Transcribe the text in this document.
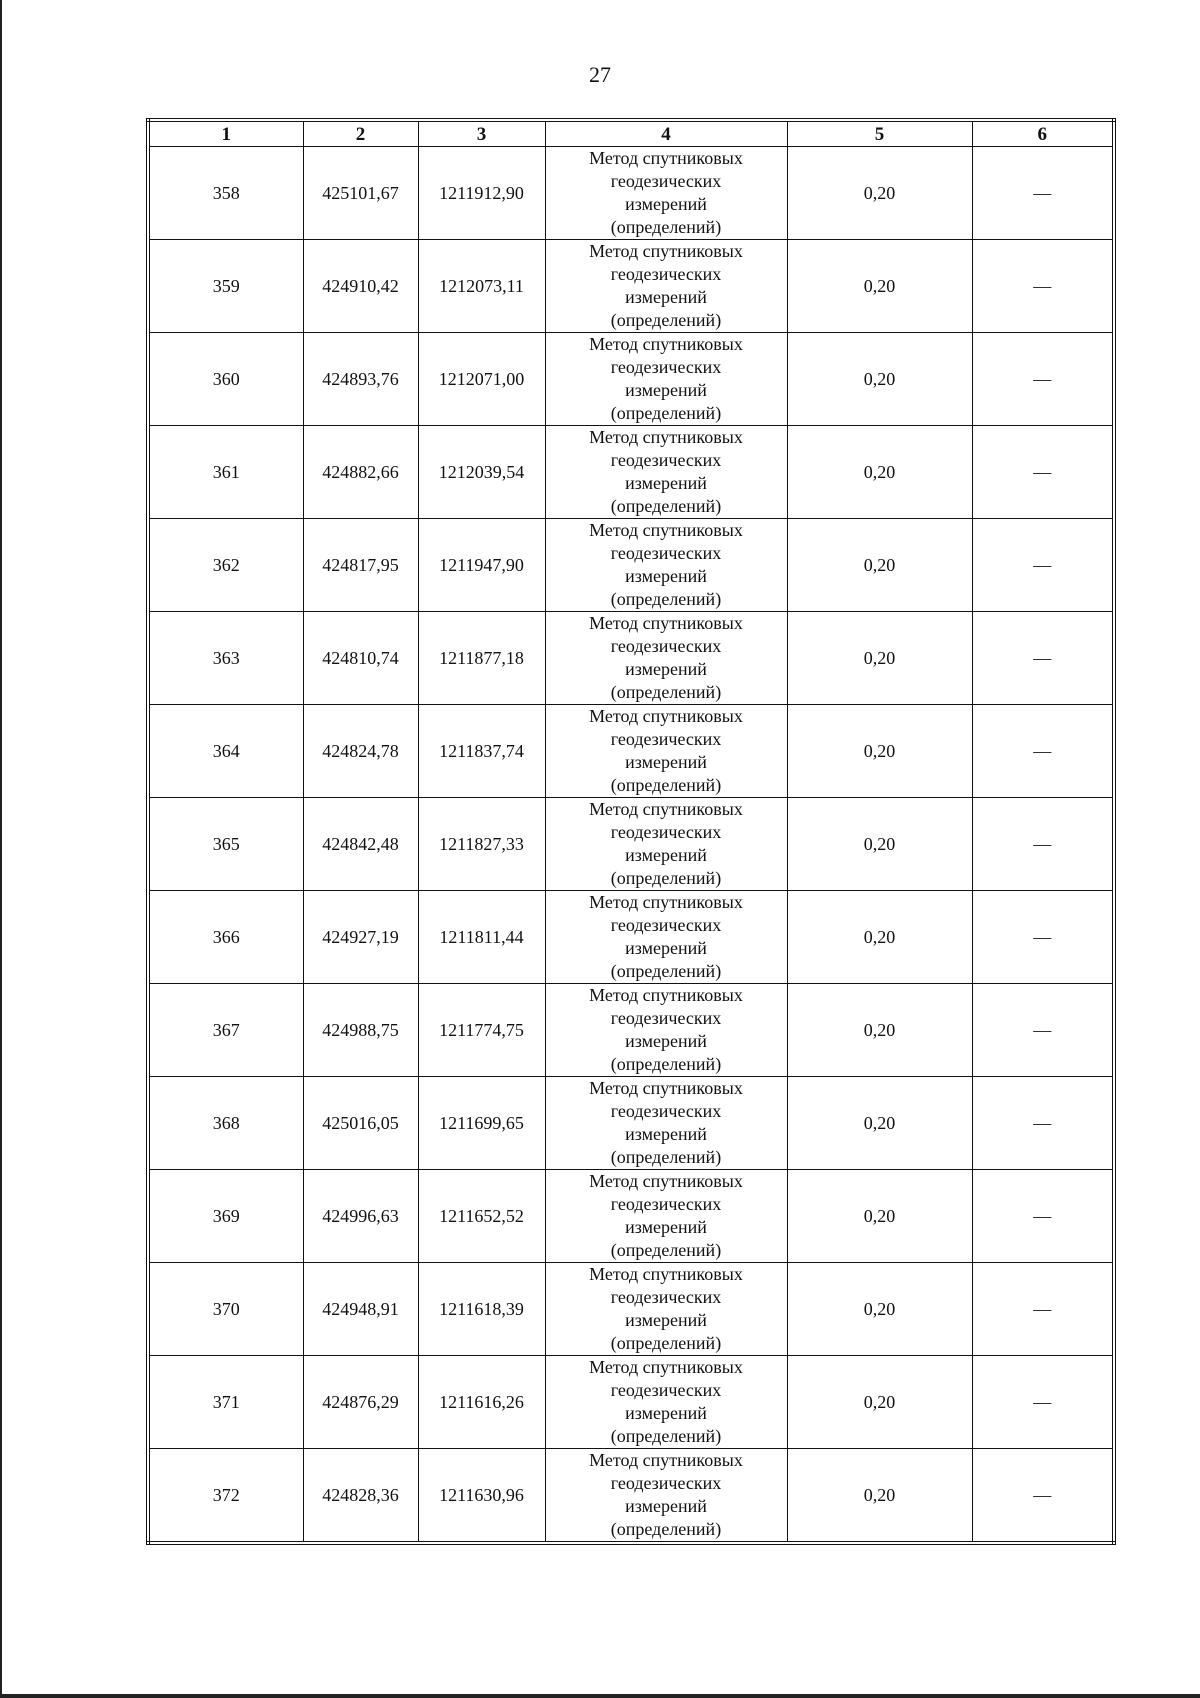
27
1	2	3	4	5	6
358	425101,67	1211912,90	Метод спутниковых
геодезических
измерений
(определений)	0,20	—
359	424910,42	1212073,11	Метод спутниковых
геодезических
измерений
(определений)	0,20	—
360	424893,76	1212071,00	Метод спутниковых
геодезических
измерений
(определений)	0,20	—
361	424882,66	1212039,54	Метод спутниковых
геодезических
измерений
(определений)	0,20	—
362	424817,95	1211947,90	Метод спутниковых
геодезических
измерений
(определений)	0,20	—
363	424810,74	1211877,18	Метод спутниковых
геодезических
измерений
(определений)	0,20	—
364	424824,78	1211837,74	Метод спутниковых
геодезических
измерений
(определений)	0,20	—
365	424842,48	1211827,33	Метод спутниковых
геодезических
измерений
(определений)	0,20	—
366	424927,19	1211811,44	Метод спутниковых
геодезических
измерений
(определений)	0,20	—
367	424988,75	1211774,75	Метод спутниковых
геодезических
измерений
(определений)	0,20	—
368	425016,05	1211699,65	Метод спутниковых
геодезических
измерений
(определений)	0,20	—
369	424996,63	1211652,52	Метод спутниковых
геодезических
измерений
(определений)	0,20	—
370	424948,91	1211618,39	Метод спутниковых
геодезических
измерений
(определений)	0,20	—
371	424876,29	1211616,26	Метод спутниковых
геодезических
измерений
(определений)	0,20	—
372	424828,36	1211630,96	Метод спутниковых
геодезических
измерений
(определений)	0,20	—
